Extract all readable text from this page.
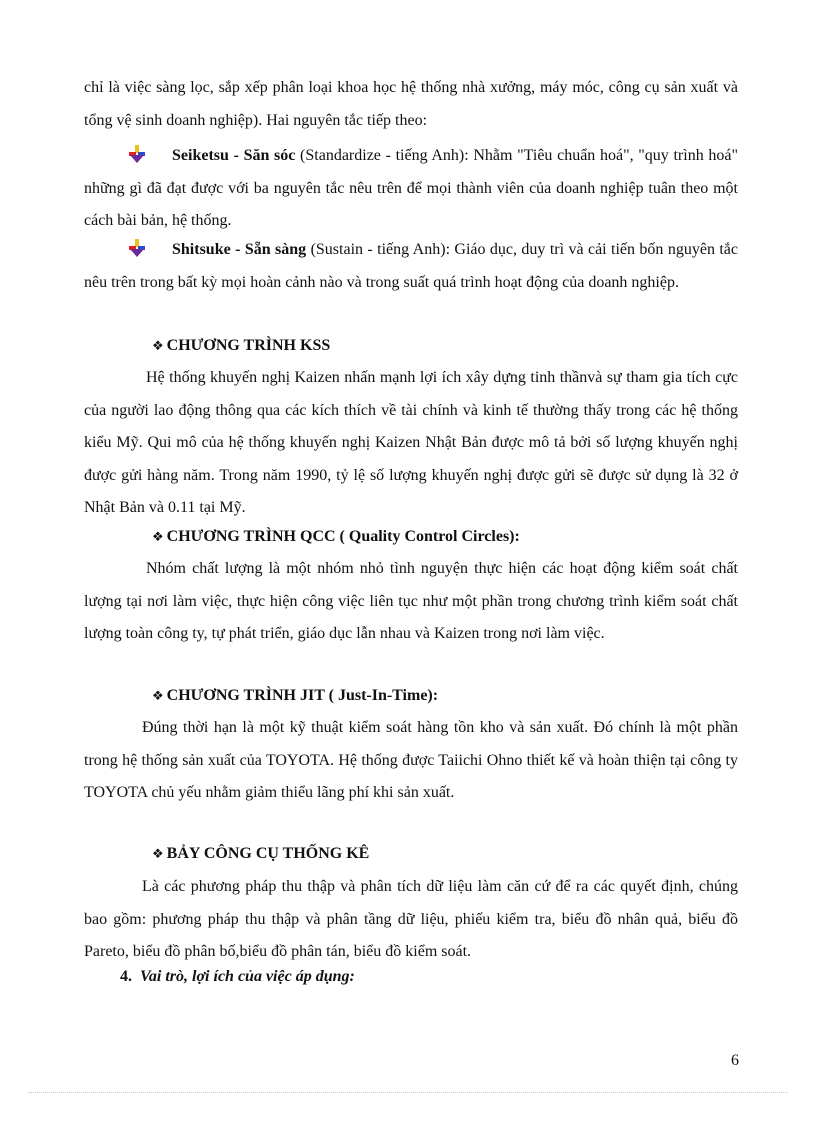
chỉ là việc sàng lọc, sắp xếp phân loại khoa học hệ thống nhà xưởng, máy móc, công cụ sản xuất và tổng vệ sinh doanh nghiệp). Hai nguyên tắc tiếp theo:

Seiketsu - Săn sóc (Standardize - tiếng Anh): Nhằm "Tiêu chuẩn hoá", "quy trình hoá" những gì đã đạt được với ba nguyên tắc nêu trên để mọi thành viên của doanh nghiệp tuân theo một cách bài bản, hệ thống.

Shitsuke - Sẵn sàng (Sustain - tiếng Anh): Giáo dục, duy trì và cải tiến bốn nguyên tắc nêu trên trong bất kỳ mọi hoàn cảnh nào và trong suất quá trình hoạt động của doanh nghiệp.

❖ CHƯƠNG TRÌNH KSS

Hệ thống khuyến nghị Kaizen nhấn mạnh lợi ích xây dựng tinh thầnvà sự tham gia tích cực của người lao động thông qua các kích thích về tài chính và kinh tế thường thấy trong các hệ thống kiểu Mỹ. Qui mô của hệ thống khuyến nghị Kaizen Nhật Bản được mô tả bởi số lượng khuyến nghị được gửi hàng năm. Trong năm 1990, tỷ lệ số lượng khuyến nghị được gửi sẽ được sử dụng là 32 ở Nhật Bản và 0.11 tại Mỹ.

❖ CHƯƠNG TRÌNH QCC ( Quality Control Circles):

Nhóm chất lượng là một nhóm nhỏ tình nguyện thực hiện các hoạt động kiểm soát chất lượng tại nơi làm việc, thực hiện công việc liên tục như một phần trong chương trình kiểm soát chất lượng toàn công ty, tự phát triển, giáo dục lẫn nhau và Kaizen trong nơi làm việc.

❖ CHƯƠNG TRÌNH JIT ( Just-In-Time):

Đúng thời hạn là một kỹ thuật kiểm soát hàng tồn kho và sản xuất. Đó chính là một phần trong hệ thống sản xuất của TOYOTA. Hệ thống được Taiichi Ohno thiết kế và hoàn thiện tại công ty TOYOTA chủ yếu nhằm giảm thiểu lãng phí khi sản xuất.

❖ BẢY CÔNG CỤ THỐNG KÊ

Là các phương pháp thu thập và phân tích dữ liệu làm căn cứ để ra các quyết định, chúng bao gồm: phương pháp thu thập và phân tầng dữ liệu, phiếu kiểm tra, biểu đồ nhân quả, biểu đồ Pareto, biểu đồ phân bố,biểu đồ phân tán, biểu đồ kiểm soát.

4. Vai trò, lợi ích của việc áp dụng:

6
